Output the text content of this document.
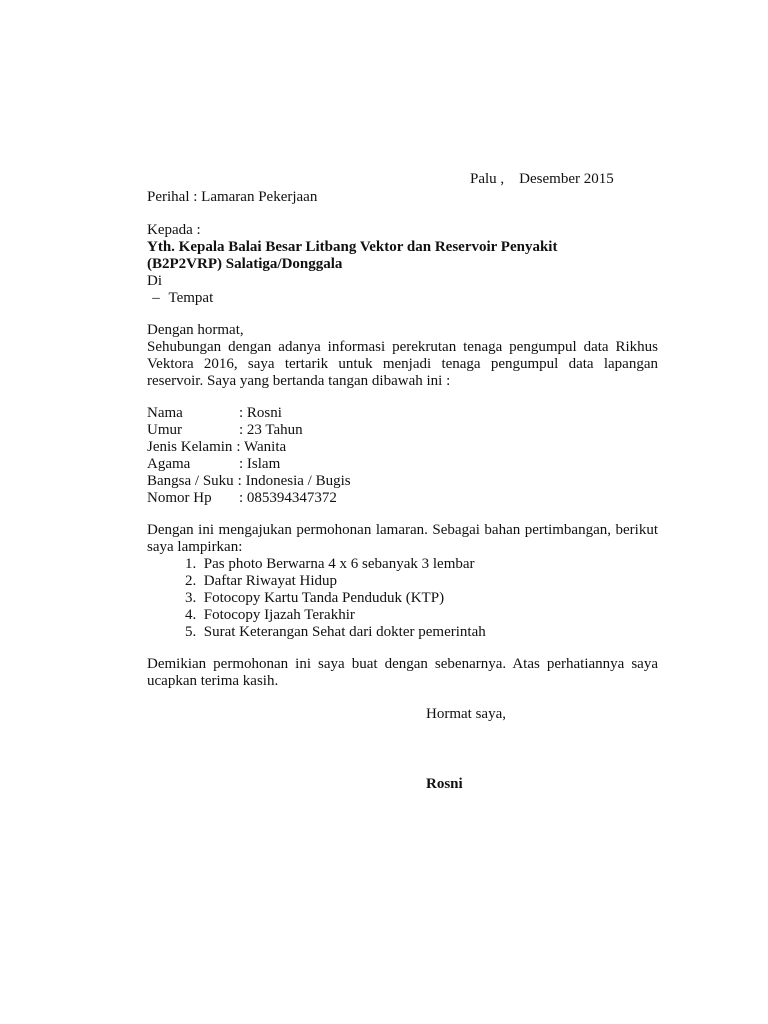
Palu ,    Desember 2015
Perihal : Lamaran Pekerjaan
Kepada :
Yth. Kepala Balai Besar Litbang Vektor dan Reservoir Penyakit
(B2P2VRP) Salatiga/Donggala
Di
– Tempat
Dengan hormat,
Sehubungan dengan adanya informasi perekrutan tenaga pengumpul data Rikhus Vektora 2016, saya tertarik untuk menjadi tenaga pengumpul data lapangan reservoir. Saya yang bertanda tangan dibawah ini :
Nama	: Rosni
Umur	: 23 Tahun
Jenis Kelamin : Wanita
Agama	: Islam
Bangsa / Suku : Indonesia / Bugis
Nomor Hp	: 085394347372
Dengan ini mengajukan permohonan lamaran. Sebagai bahan pertimbangan, berikut saya lampirkan:
1. Pas photo Berwarna 4 x 6 sebanyak 3 lembar
2. Daftar Riwayat Hidup
3. Fotocopy Kartu Tanda Penduduk (KTP)
4. Fotocopy Ijazah Terakhir
5. Surat Keterangan Sehat dari dokter pemerintah
Demikian permohonan ini saya buat dengan sebenarnya. Atas perhatiannya saya ucapkan terima kasih.
Hormat saya,
Rosni
